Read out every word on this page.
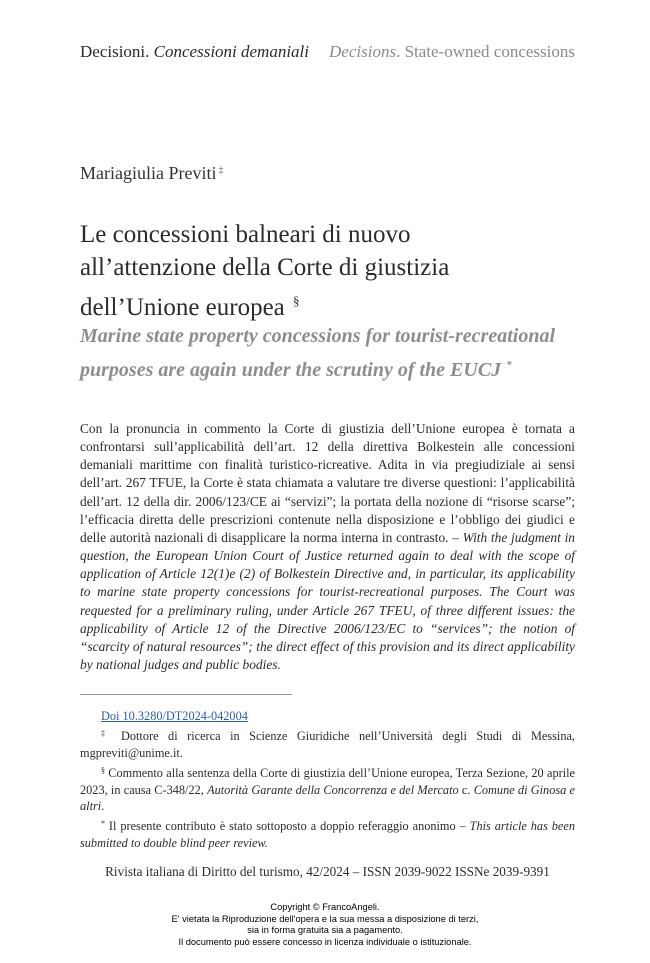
Decisioni. Concessioni demaniali Decisions. State-owned concessions
Mariagiulia Previti ‡
Le concessioni balneari di nuovo
all’attenzione della Corte di giustizia
dell’Unione europea §
Marine state property concessions for tourist-recreational
purposes are again under the scrutiny of the EUCJ *

Con la pronuncia in commento la Corte di giustizia dell’Unione europea è tornata a confrontarsi sull’applicabilità dell’art. 12 della direttiva Bolkestein alle concessioni demaniali marittime con finalità turistico-ricreative. Adita in via pregiudiziale ai sensi dell’art. 267 TFUE, la Corte è stata chiamata a valutare tre diverse questioni: l’applicabilità dell’art. 12 della dir. 2006/123/CE ai “servizi”; la portata della nozione di “risorse scarse”; l’efficacia diretta delle prescrizioni contenute nella disposizione e l’obbligo dei giudici e delle autorità nazionali di disapplicare la norma interna in contrasto. – With the judgment in question, the European Union Court of Justice returned again to deal with the scope of application of Article 12(1)e (2) of Bolkestein Directive and, in particular, its applicability to marine state property concessions for tourist-recreational purposes. The Court was requested for a preliminary ruling, under Article 267 TFEU, of three different issues: the applicability of Article 12 of the Directive 2006/123/EC to “services”; the notion of “scarcity of natural resources”; the direct effect of this provision and its direct applicability by national judges and public bodies.

Doi 10.3280/DT2024-042004

‡ Dottore di ricerca in Scienze Giuridiche nell’Università degli Studi di Messina, mgpreviti@unime.it.

§ Commento alla sentenza della Corte di giustizia dell’Unione europea, Terza Sezione, 20 aprile 2023, in causa C-348/22, Autorità Garante della Concorrenza e del Mercato c. Comune di Ginosa e altri.

* Il presente contributo è stato sottoposto a doppio referaggio anonimo – This article has been submitted to double blind peer review.

Rivista italiana di Diritto del turismo, 42/2024 – ISSN 2039-9022 ISSNe 2039-9391
Copyright © FrancoAngeli.
E' vietata la Riproduzione dell'opera e la sua messa a disposizione di terzi,
sia in forma gratuita sia a pagamento.
Il documento può essere concesso in licenza individuale o istituzionale.
